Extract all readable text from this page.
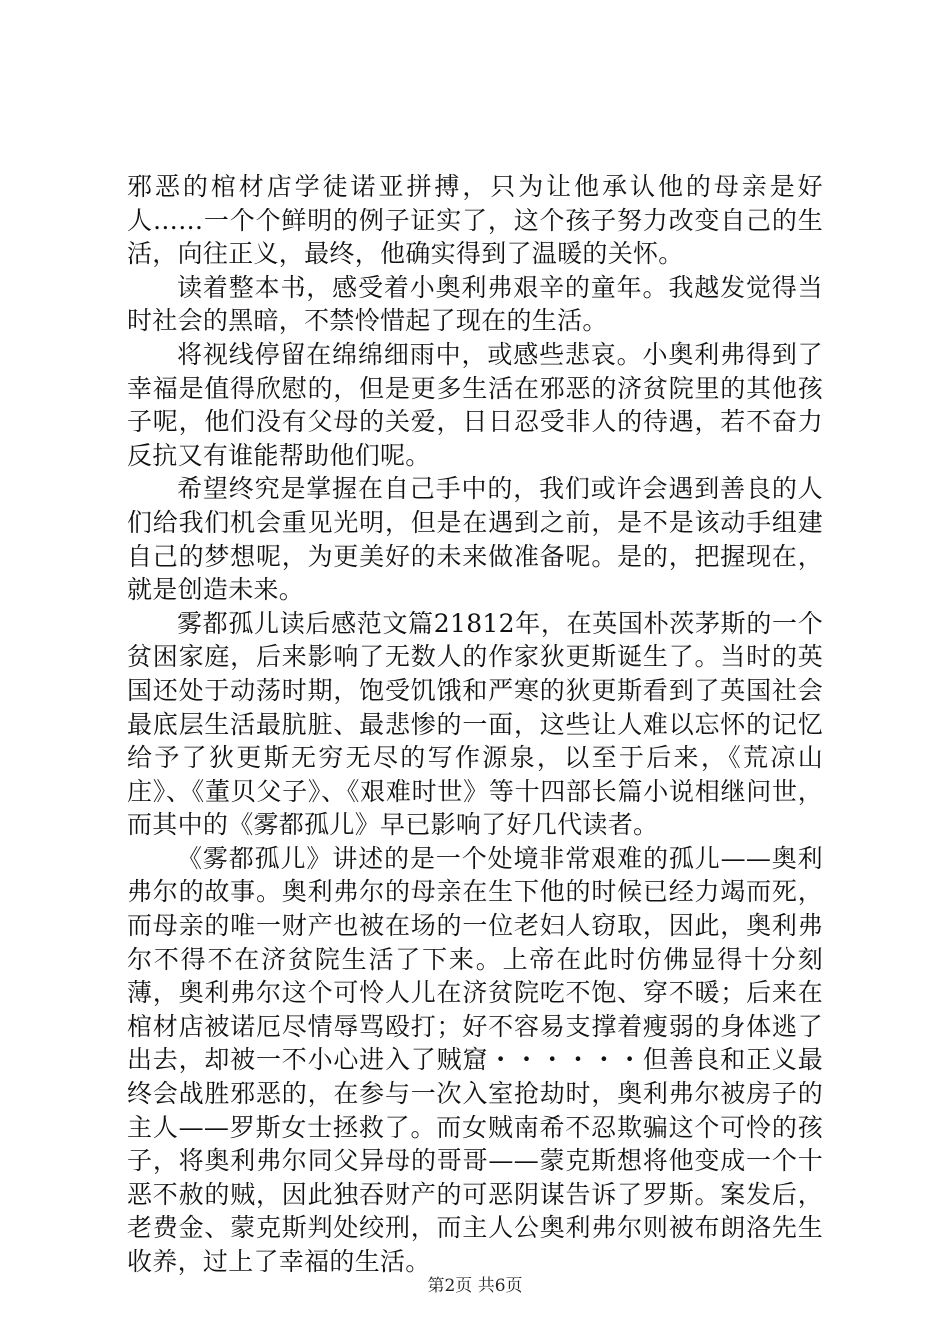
邪恶的棺材店学徒诺亚拼搏，只为让他承认他的母亲是好人……一个个鲜明的例子证实了，这个孩子努力改变自己的生活，向往正义，最终，他确实得到了温暖的关怀。

读着整本书，感受着小奥利弗艰辛的童年。我越发觉得当时社会的黑暗，不禁怜惜起了现在的生活。

将视线停留在绵绵细雨中，或感些悲哀。小奥利弗得到了幸福是值得欣慰的，但是更多生活在邪恶的济贫院里的其他孩子呢，他们没有父母的关爱，日日忍受非人的待遇，若不奋力反抗又有谁能帮助他们呢。

希望终究是掌握在自己手中的，我们或许会遇到善良的人们给我们机会重见光明，但是在遇到之前，是不是该动手组建自己的梦想呢，为更美好的未来做准备呢。是的，把握现在，就是创造未来。

雾都孤儿读后感范文篇21812年，在英国朴茨茅斯的一个贫困家庭，后来影响了无数人的作家狄更斯诞生了。当时的英国还处于动荡时期，饱受饥饿和严寒的狄更斯看到了英国社会最底层生活最肮脏、最悲惨的一面，这些让人难以忘怀的记忆给予了狄更斯无穷无尽的写作源泉，以至于后来，《荒凉山庄》、《董贝父子》、《艰难时世》等十四部长篇小说相继问世，而其中的《雾都孤儿》早已影响了好几代读者。

《雾都孤儿》讲述的是一个处境非常艰难的孤儿——奥利弗尔的故事。奥利弗尔的母亲在生下他的时候已经力竭而死，而母亲的唯一财产也被在场的一位老妇人窃取，因此，奥利弗尔不得不在济贫院生活了下来。上帝在此时仿佛显得十分刻薄，奥利弗尔这个可怜人儿在济贫院吃不饱、穿不暖；后来在棺材店被诺厄尽情辱骂殴打；好不容易支撑着瘦弱的身体逃了出去，却被一不小心进入了贼窟・・・・・・但善良和正义最终会战胜邪恶的，在参与一次入室抢劫时，奥利弗尔被房子的主人——罗斯女士拯救了。而女贼南希不忍欺骗这个可怜的孩子，将奥利弗尔同父异母的哥哥——蒙克斯想将他变成一个十恶不赦的贼，因此独吞财产的可恶阴谋告诉了罗斯。案发后，老费金、蒙克斯判处绞刑，而主人公奥利弗尔则被布朗洛先生收养，过上了幸福的生活。

第2页 共6页
